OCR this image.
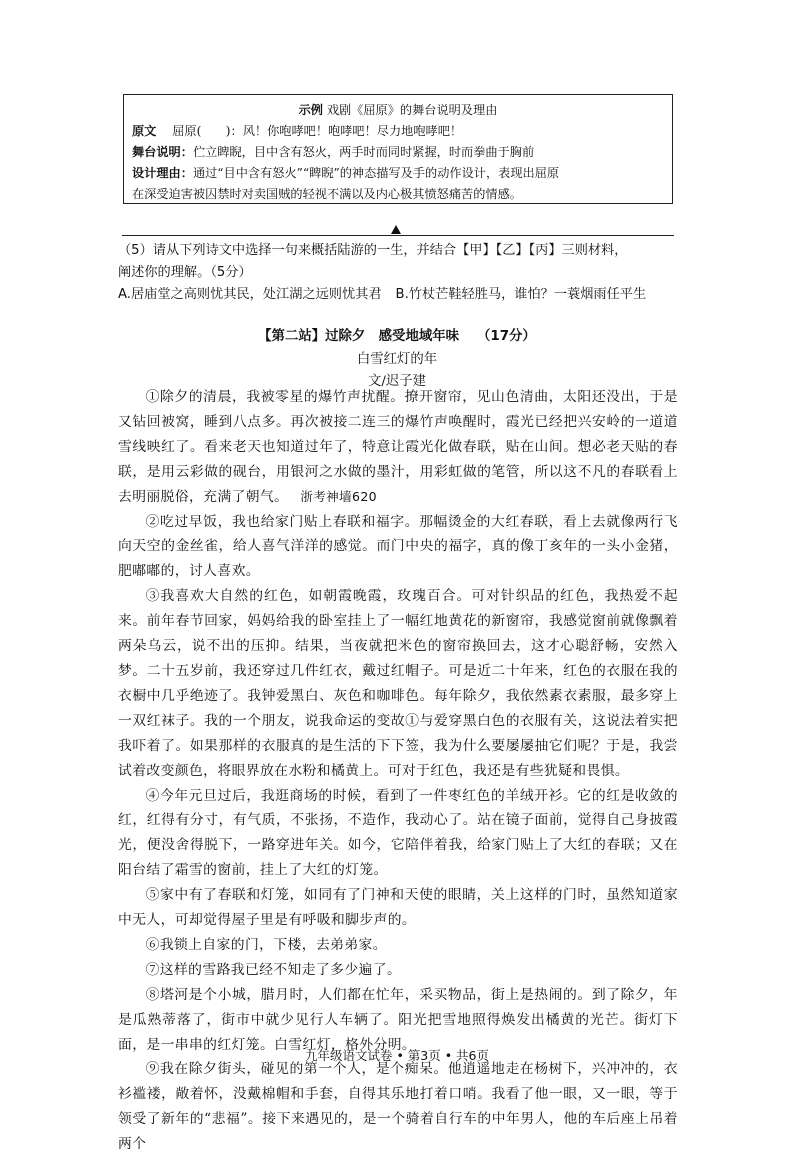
示例 戏剧《屈原》的舞台说明及理由
原文 屈原(　　)：风！你咆哮吧！咆哮吧！尽力地咆哮吧！
舞台说明：伫立睥睨，目中含有怒火，两手时而同时紧握，时而拳曲于胸前
设计理由：通过“目中含有怒火”“睥睨”的神态描写及手的动作设计，表现出屈原
在深受迫害被囚禁时对卖国贼的轻视不满以及内心极其愤怒痛苦的情感。
（5）请从下列诗文中选择一句来概括陆游的一生，并结合【甲】【乙】【丙】三则材料，
阐述你的理解。（5分）
A.居庙堂之高则忧其民，处江湖之远则忧其君 B.竹杖芒鞋轻胜马，谁怕？一蓑烟雨任平生
【第二站】过除夕　感受地域年味 （17分）
白雪红灯的年
文/迟子建

①除夕的清晨，我被零星的爆竹声扰醒。撩开窗帘，见山色清曲，太阳还没出，于是又钻回被窝，睡到八点多。再次被接二连三的爆竹声唤醒时，霞光已经把兴安岭的一道道雪线映红了。看来老天也知道过年了，特意让霞光化做春联，贴在山间。想必老天贴的春联，是用云彩做的砚台，用银河之水做的墨汁，用彩虹做的笔管，所以这不凡的春联看上去明丽脱俗，充满了朝气。 浙考神墙620

②吃过早饭，我也给家门贴上春联和福字。那幅烫金的大红春联，看上去就像两行飞向天空的金丝雀，给人喜气洋洋的感觉。而门中央的福字，真的像丁亥年的一头小金猪，肥嘟嘟的，讨人喜欢。

③我喜欢大自然的红色，如朝霞晚霞，玫瑰百合。可对针织品的红色，我热爱不起来。前年春节回家，妈妈给我的卧室挂上了一幅红地黄花的新窗帘，我感觉窗前就像飘着两朵乌云，说不出的压抑。结果，当夜就把米色的窗帘换回去，这才心聪舒畅，安然入梦。二十五岁前，我还穿过几件红衣，戴过红帽子。可是近二十年来，红色的衣服在我的衣橱中几乎绝迹了。我钟爱黑白、灰色和咖啡色。每年除夕，我依然素衣素服，最多穿上一双红袜子。我的一个朋友，说我命运的变故①与爱穿黑白色的衣服有关，这说法着实把我吓着了。如果那样的衣服真的是生活的下下签，我为什么要屡屡抽它们呢？于是，我尝试着改变颜色，将眼界放在水粉和橘黄上。可对于红色，我还是有些犹疑和畏惧。

④今年元旦过后，我逛商场的时候，看到了一件枣红色的羊绒开衫。它的红是收敛的红，红得有分寸，有气质，不张扬，不造作，我动心了。站在镜子面前，觉得自己身披霞光，便没舍得脱下，一路穿进年关。如今，它陪伴着我，给家门贴上了大红的春联；又在阳台结了霜雪的窗前，挂上了大红的灯笼。

⑤家中有了春联和灯笼，如同有了门神和天使的眼睛，关上这样的门时，虽然知道家中无人，可却觉得屋子里是有呼吸和脚步声的。

⑥我锁上自家的门，下楼，去弟弟家。

⑦这样的雪路我已经不知走了多少遍了。

⑧塔河是个小城，腊月时，人们都在忙年，采买物品，街上是热闹的。到了除夕，年是瓜熟蒂落了，街市中就少见行人车辆了。阳光把雪地照得焕发出橘黄的光芒。街灯下面，是一串串的红灯笼。白雪红灯，格外分明。

⑨我在除夕街头，碰见的第一个人，是个痴呆。他逍遥地走在杨树下，兴冲冲的，衣衫褴褛，敞着怀，没戴棉帽和手套，自得其乐地打着口哨。我看了他一眼，又一眼，等于领受了新年的“悲福”。接下来遇见的，是一个骑着自行车的中年男人，他的车后座上吊着两个

九年级语文试卷 • 第3页 • 共6页
